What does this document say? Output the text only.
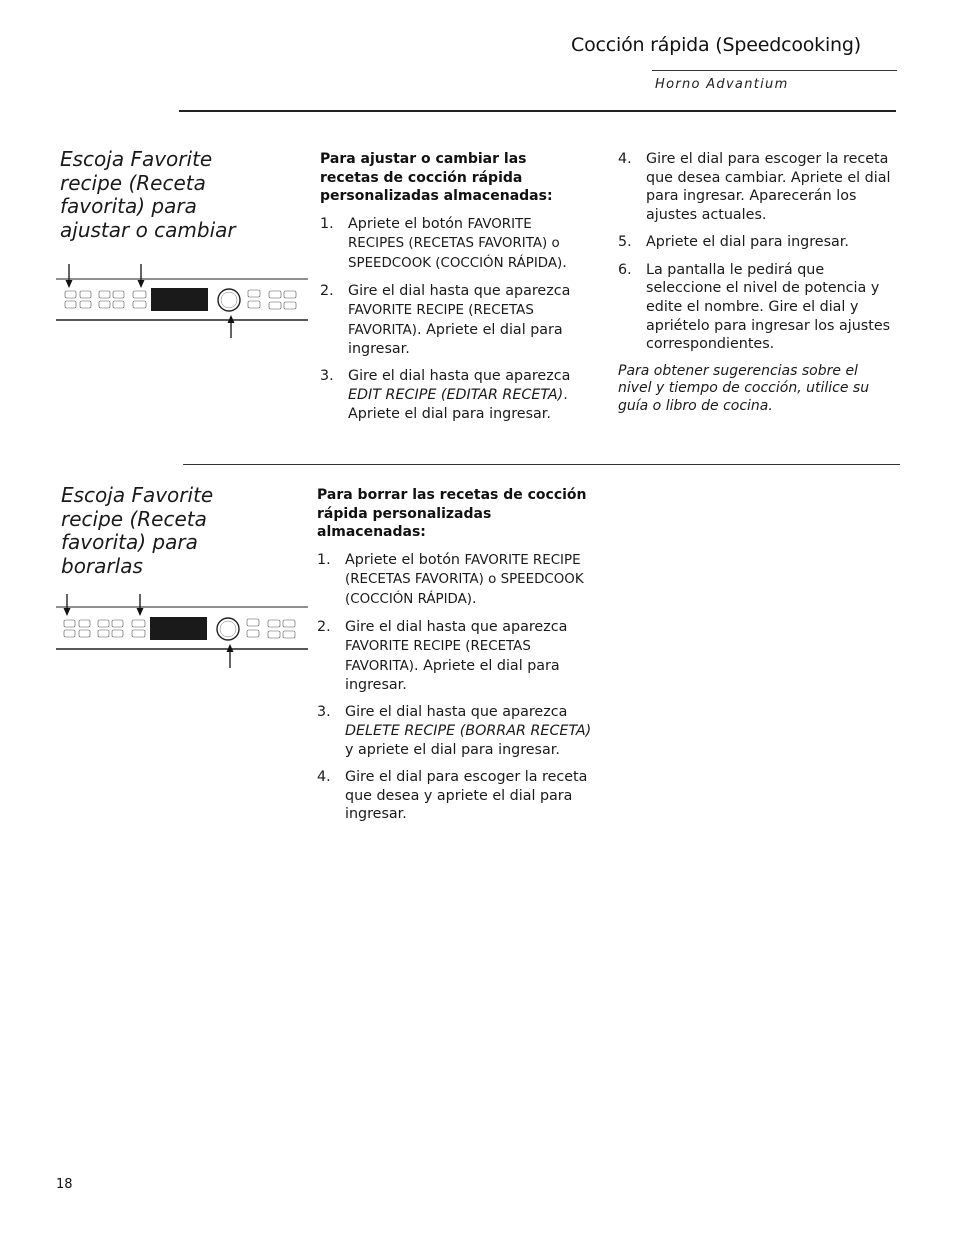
Cocción rápida (Speedcooking)
Horno Advantium
Escoja Favorite recipe (Receta favorita) para ajustar o cambiar
Para ajustar o cambiar las recetas de cocción rápida personalizadas almacenadas:
1. Apriete el botón FAVORITE RECIPES (RECETAS FAVORITA) o SPEEDCOOK (COCCIÓN RÁPIDA).
2. Gire el dial hasta que aparezca FAVORITE RECIPE (RECETAS FAVORITA). Apriete el dial para ingresar.
3. Gire el dial hasta que aparezca EDIT RECIPE (EDITAR RECETA). Apriete el dial para ingresar.
4. Gire el dial para escoger la receta que desea cambiar. Apriete el dial para ingresar. Aparecerán los ajustes actuales.
5. Apriete el dial para ingresar.
6. La pantalla le pedirá que seleccione el nivel de potencia y edite el nombre. Gire el dial y apriételo para ingresar los ajustes correspondientes.
Para obtener sugerencias sobre el nivel y tiempo de cocción, utilice su guía o libro de cocina.
Escoja Favorite recipe (Receta favorita) para borarlas
Para borrar las recetas de cocción rápida personalizadas almacenadas:
1. Apriete el botón FAVORITE RECIPE (RECETAS FAVORITA) o SPEEDCOOK (COCCIÓN RÁPIDA).
2. Gire el dial hasta que aparezca FAVORITE RECIPE (RECETAS FAVORITA). Apriete el dial para ingresar.
3. Gire el dial hasta que aparezca DELETE RECIPE (BORRAR RECETA) y apriete el dial para ingresar.
4. Gire el dial para escoger la receta que desea y apriete el dial para ingresar.
18
